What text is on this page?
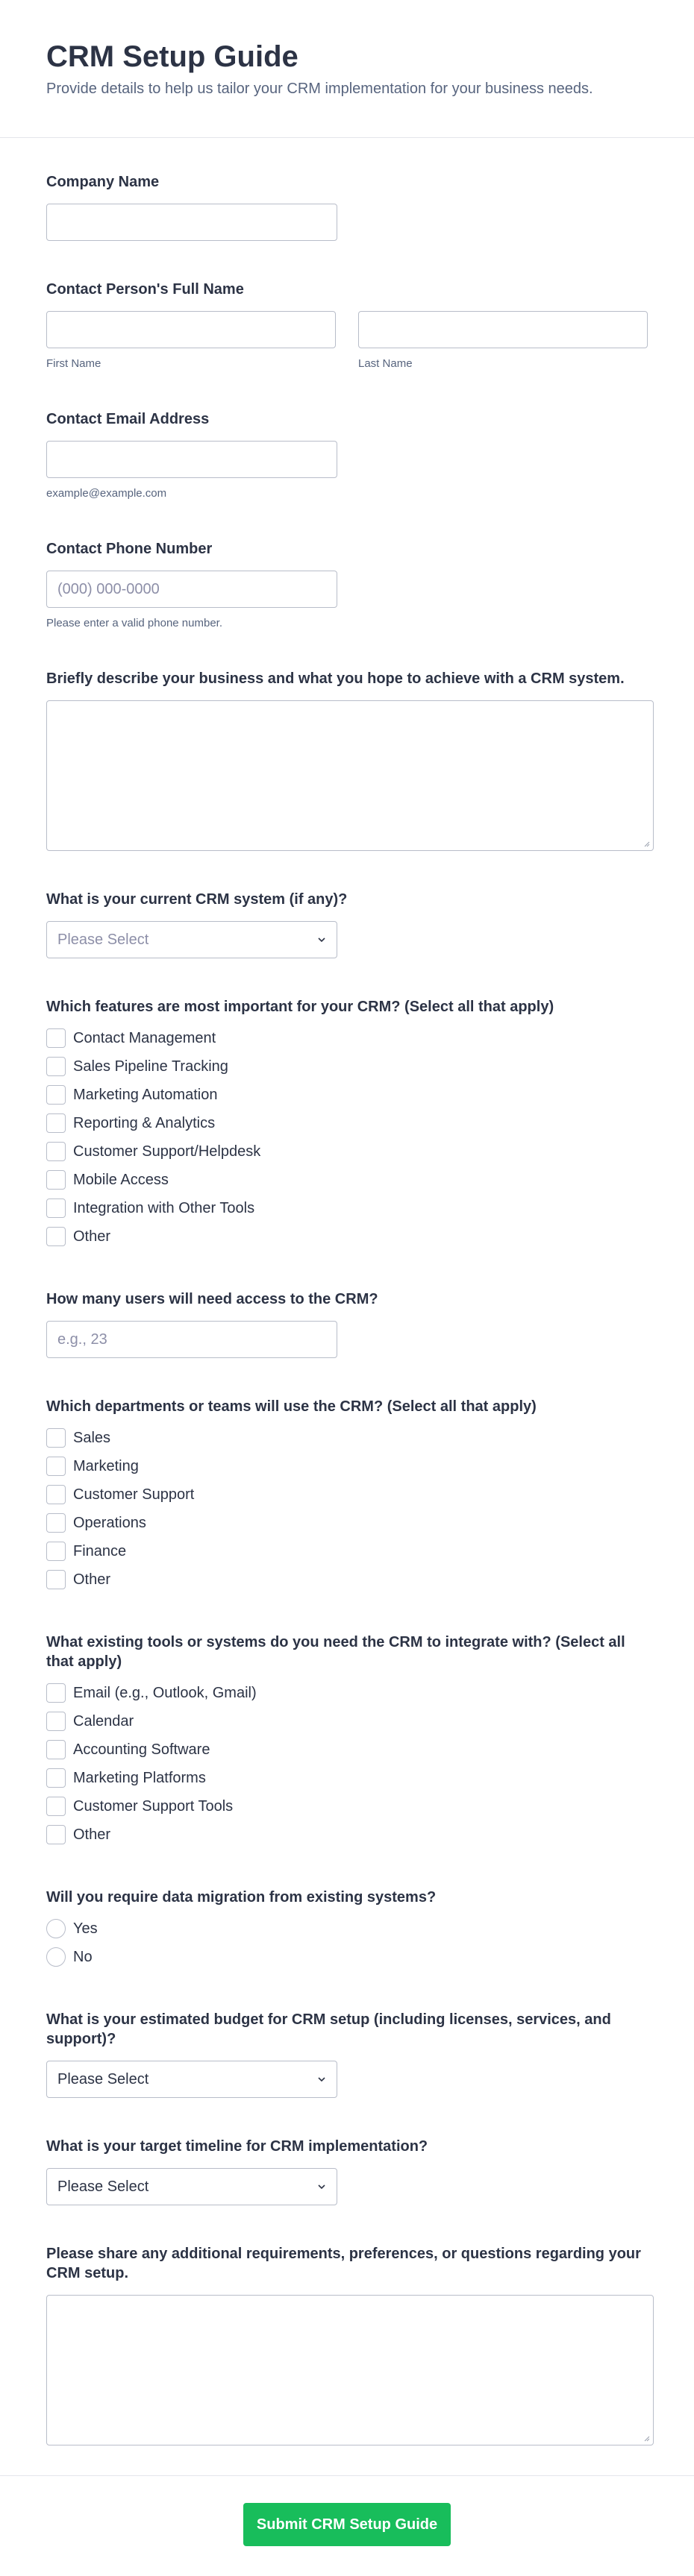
CRM Setup Guide

Provide details to help us tailor your CRM implementation for your business needs.

Company Name
Contact Person's Full Name
First Name	Last Name
Contact Email Address
example@example.com
Contact Phone Number
(000) 000-0000
Please enter a valid phone number.
Briefly describe your business and what you hope to achieve with a CRM system.
What is your current CRM system (if any)?
Please Select
Which features are most important for your CRM? (Select all that apply)
Contact Management
Sales Pipeline Tracking
Marketing Automation
Reporting & Analytics
Customer Support/Helpdesk
Mobile Access
Integration with Other Tools
Other
How many users will need access to the CRM?
e.g., 23
Which departments or teams will use the CRM? (Select all that apply)
Sales
Marketing
Customer Support
Operations
Finance
Other
What existing tools or systems do you need the CRM to integrate with? (Select all that apply)
Email (e.g., Outlook, Gmail)
Calendar
Accounting Software
Marketing Platforms
Customer Support Tools
Other
Will you require data migration from existing systems?
Yes
No
What is your estimated budget for CRM setup (including licenses, services, and support)?
Please Select
What is your target timeline for CRM implementation?
Please Select
Please share any additional requirements, preferences, or questions regarding your CRM setup.
Submit CRM Setup Guide
